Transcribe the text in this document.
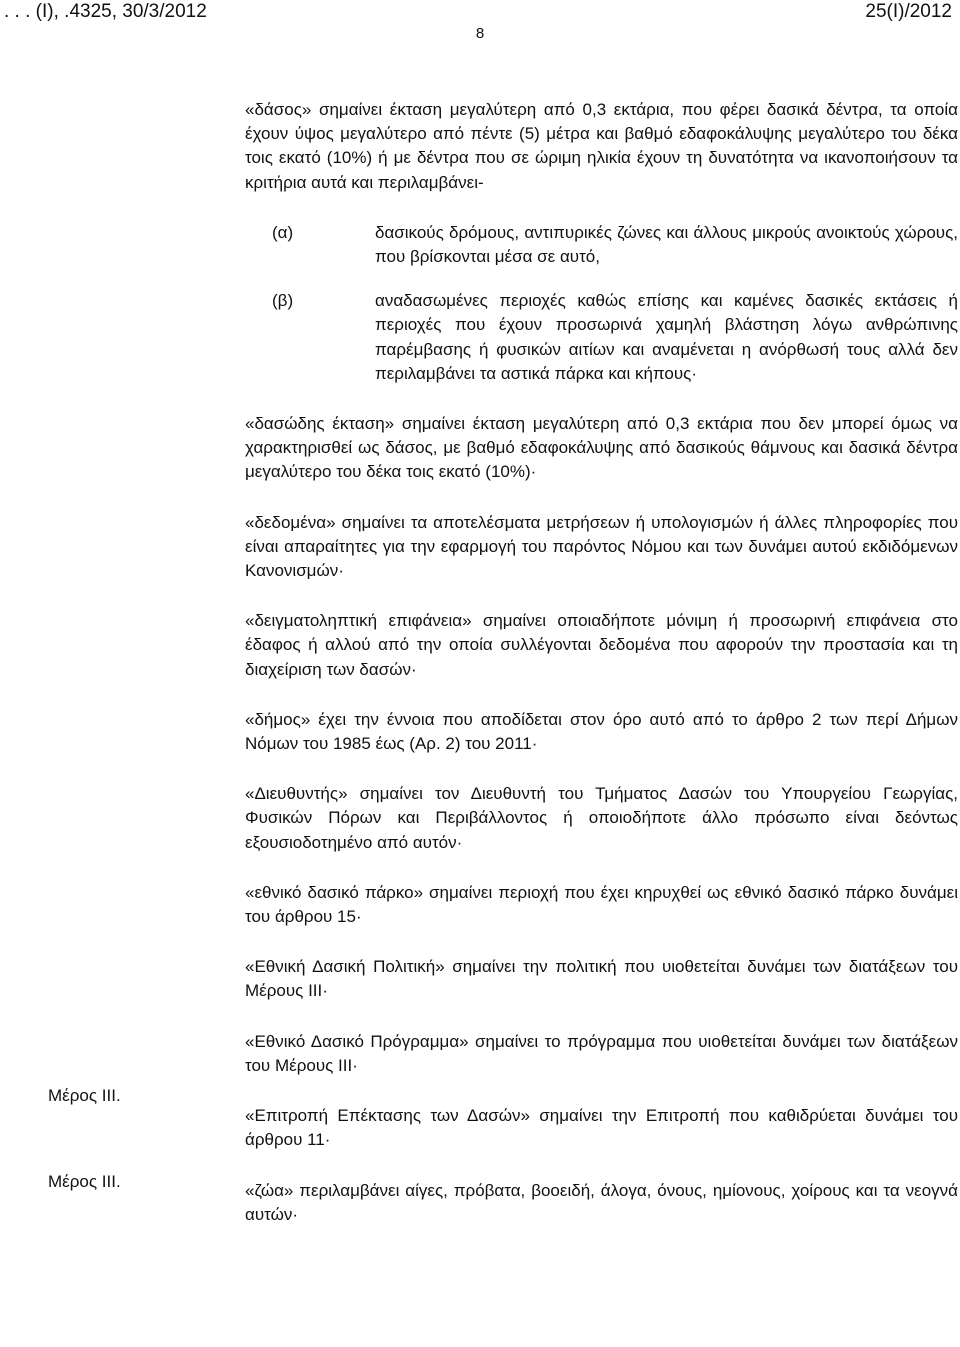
. . . (Ι), .4325, 30/3/2012	25(Ι)/2012
8

«δάσος» σημαίνει έκταση μεγαλύτερη από 0,3 εκτάρια, που φέρει δασικά δέντρα, τα οποία έχουν ύψος μεγαλύτερο από πέντε (5) μέτρα και βαθμό εδαφοκάλυψης μεγαλύτερο του δέκα τοις εκατό (10%) ή με δέντρα που σε ώριμη ηλικία έχουν τη δυνατότητα να ικανοποιήσουν τα κριτήρια αυτά και περιλαμβάνει-

(α)	δασικούς δρόμους, αντιπυρικές ζώνες και άλλους μικρούς ανοικτούς χώρους, που βρίσκονται μέσα σε αυτό,
(β)	αναδασωμένες περιοχές καθώς επίσης και καμένες δασικές εκτάσεις ή περιοχές που έχουν προσωρινά χαμηλή βλάστηση λόγω ανθρώπινης παρέμβασης ή φυσικών αιτίων και αναμένεται η ανόρθωσή τους αλλά δεν περιλαμβάνει τα αστικά πάρκα και κήπους·

«δασώδης έκταση» σημαίνει έκταση μεγαλύτερη από 0,3 εκτάρια που δεν μπορεί όμως να χαρακτηρισθεί ως δάσος, με βαθμό εδαφοκάλυψης από δασικούς θάμνους και δασικά δέντρα μεγαλύτερο του δέκα τοις εκατό (10%)·

«δεδομένα» σημαίνει τα αποτελέσματα μετρήσεων ή υπολογισμών ή άλλες πληροφορίες που είναι απαραίτητες για την εφαρμογή του παρόντος Νόμου και των δυνάμει αυτού εκδιδόμενων Κανονισμών·

«δειγματοληπτική επιφάνεια» σημαίνει οποιαδήποτε μόνιμη ή προσωρινή επιφάνεια στο έδαφος ή αλλού από την οποία συλλέγονται δεδομένα που αφορούν την προστασία και τη διαχείριση των δασών·

«δήμος» έχει την έννοια που αποδίδεται στον όρο αυτό από το άρθρο 2 των περί Δήμων Νόμων του 1985 έως (Αρ. 2) του 2011·

«Διευθυντής» σημαίνει τον Διευθυντή του Τμήματος Δασών του Υπουργείου Γεωργίας, Φυσικών Πόρων και Περιβάλλοντος ή οποιοδήποτε άλλο πρόσωπο είναι δεόντως εξουσιοδοτημένο από αυτόν·

«εθνικό δασικό πάρκο» σημαίνει περιοχή που έχει κηρυχθεί ως εθνικό δασικό πάρκο δυνάμει του άρθρου 15·

«Εθνική Δασική Πολιτική» σημαίνει την πολιτική που υιοθετείται δυνάμει των διατάξεων του Μέρους ΙΙΙ·

«Εθνικό Δασικό Πρόγραμμα» σημαίνει το πρόγραμμα που υιοθετείται δυνάμει των διατάξεων του Μέρους ΙΙΙ·

«Επιτροπή Επέκτασης των Δασών» σημαίνει την Επιτροπή που καθιδρύεται δυνάμει του άρθρου 11·

«ζώα» περιλαμβάνει αίγες, πρόβατα, βοοειδή, άλογα, όνους, ημίονους, χοίρους και τα νεογνά αυτών·

Μέρος ΙΙΙ.
Μέρος ΙΙΙ.
